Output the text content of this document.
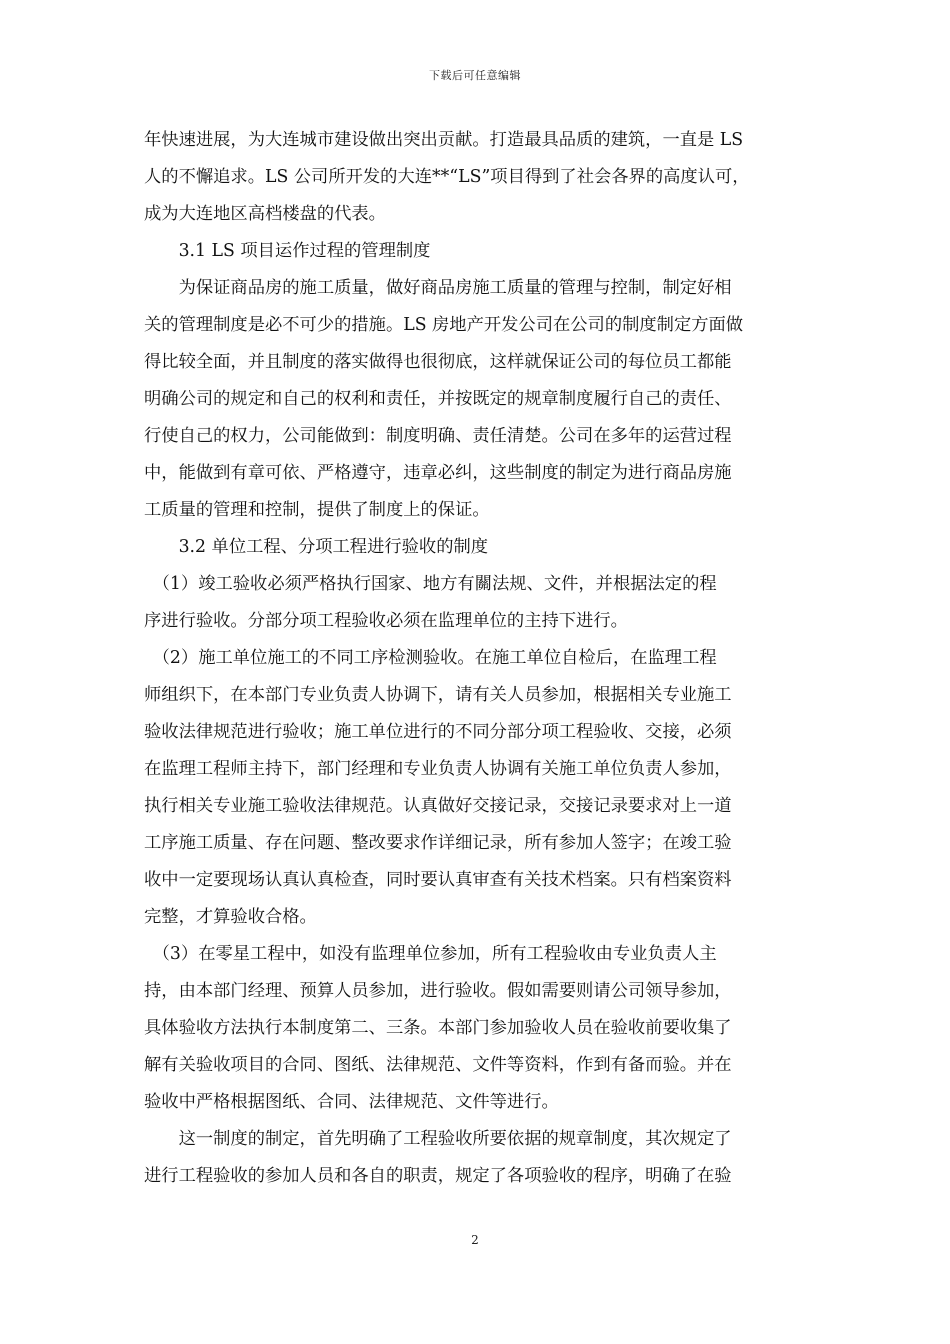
下载后可任意编辑
年快速进展，为大连城市建设做出突出贡献。打造最具品质的建筑，一直是 LS
人的不懈追求。LS 公司所开发的大连**“LS”项目得到了社会各界的高度认可，
成为大连地区高档楼盘的代表。
　　3.1 LS 项目运作过程的管理制度
　　为保证商品房的施工质量，做好商品房施工质量的管理与控制，制定好相
关的管理制度是必不可少的措施。LS 房地产开发公司在公司的制度制定方面做
得比较全面，并且制度的落实做得也很彻底，这样就保证公司的每位员工都能
明确公司的规定和自己的权利和责任，并按既定的规章制度履行自己的责任、
行使自己的权力，公司能做到：制度明确、责任清楚。公司在多年的运营过程
中，能做到有章可依、严格遵守，违章必纠，这些制度的制定为进行商品房施
工质量的管理和控制，提供了制度上的保证。
　　3.2 单位工程、分项工程进行验收的制度
　（1）竣工验收必须严格执行国家、地方有關法规、文件，并根据法定的程
序进行验收。分部分项工程验收必须在监理单位的主持下进行。
　（2）施工单位施工的不同工序检测验收。在施工单位自检后，在监理工程
师组织下，在本部门专业负责人协调下，请有关人员参加，根据相关专业施工
验收法律规范进行验收；施工单位进行的不同分部分项工程验收、交接，必须
在监理工程师主持下，部门经理和专业负责人协调有关施工单位负责人参加，
执行相关专业施工验收法律规范。认真做好交接记录，交接记录要求对上一道
工序施工质量、存在问题、整改要求作详细记录，所有参加人签字；在竣工验
收中一定要现场认真认真检查，同时要认真审查有关技术档案。只有档案资料
完整，才算验收合格。
　（3）在零星工程中，如没有监理单位参加，所有工程验收由专业负责人主
持，由本部门经理、预算人员参加，进行验收。假如需要则请公司领导参加，
具体验收方法执行本制度第二、三条。本部门参加验收人员在验收前要收集了
解有关验收项目的合同、图纸、法律规范、文件等资料，作到有备而验。并在
验收中严格根据图纸、合同、法律规范、文件等进行。
　　这一制度的制定，首先明确了工程验收所要依据的规章制度，其次规定了
进行工程验收的参加人员和各自的职责，规定了各项验收的程序，明确了在验
2
